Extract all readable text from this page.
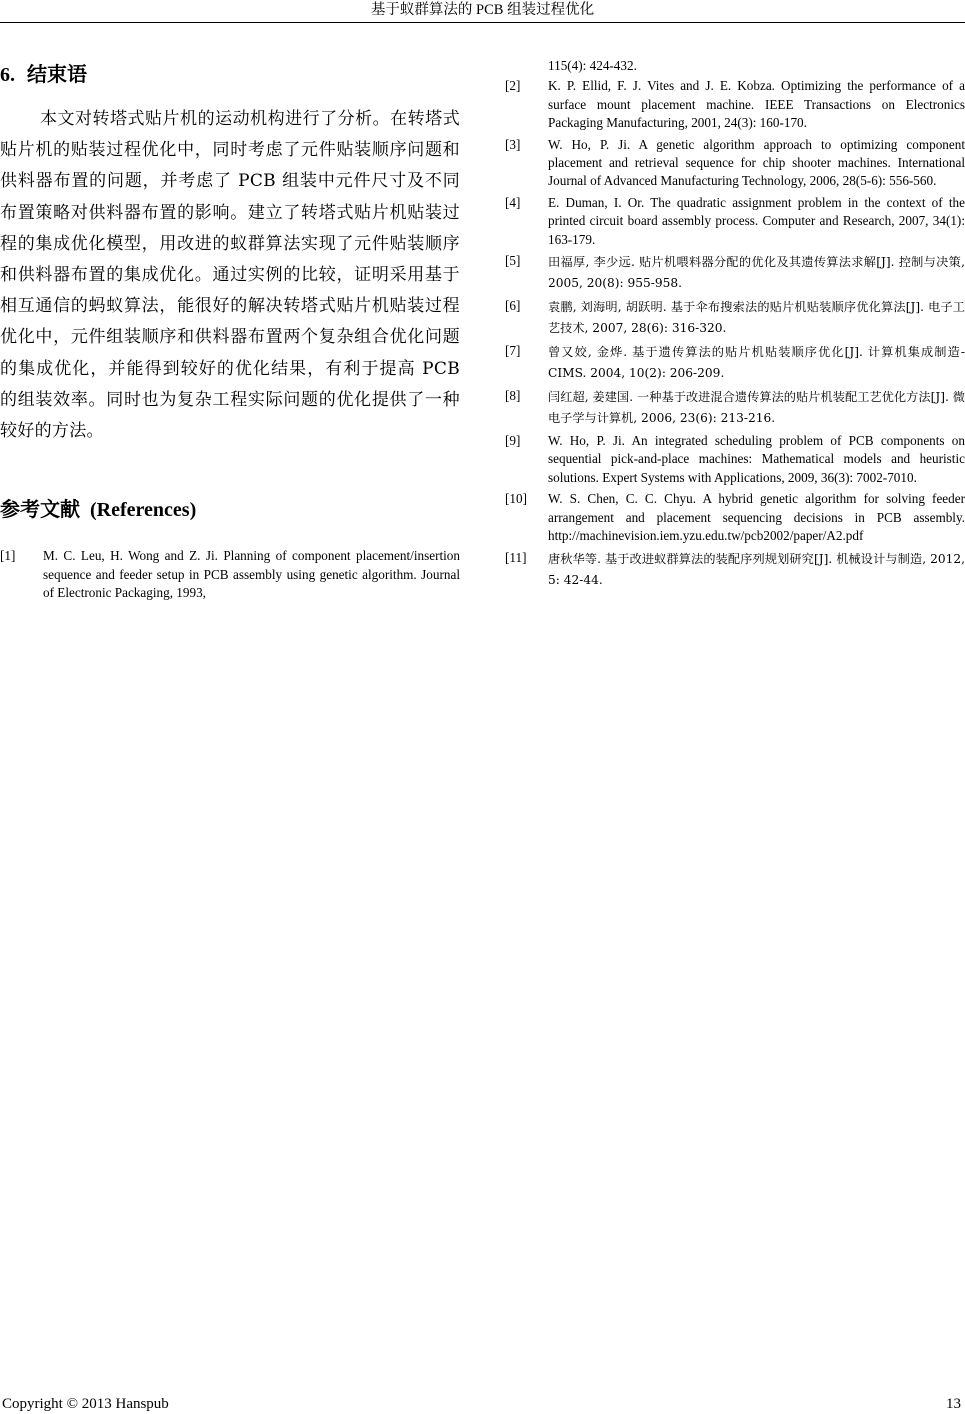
基于蚁群算法的 PCB 组装过程优化
6. 结束语

本文对转塔式贴片机的运动机构进行了分析。在转塔式贴片机的贴装过程优化中，同时考虑了元件贴装顺序问题和供料器布置的问题，并考虑了 PCB 组装中元件尺寸及不同布置策略对供料器布置的影响。建立了转塔式贴片机贴装过程的集成优化模型，用改进的蚁群算法实现了元件贴装顺序和供料器布置的集成优化。通过实例的比较，证明采用基于相互通信的蚂蚁算法，能很好的解决转塔式贴片机贴装过程优化中，元件组装顺序和供料器布置两个复杂组合优化问题的集成优化，并能得到较好的优化结果，有利于提高 PCB 的组装效率。同时也为复杂工程实际问题的优化提供了一种较好的方法。

参考文献 (References)
[1]	M. C. Leu, H. Wong and Z. Ji. Planning of component placement/insertion sequence and feeder setup in PCB assembly using genetic algorithm. Journal of Electronic Packaging, 1993,
115(4): 424-432.
[2]	K. P. Ellid, F. J. Vites and J. E. Kobza. Optimizing the performance of a surface mount placement machine. IEEE Transactions on Electronics Packaging Manufacturing, 2001, 24(3): 160-170.
[3]	W. Ho, P. Ji. A genetic algorithm approach to optimizing component placement and retrieval sequence for chip shooter machines. International Journal of Advanced Manufacturing Technology, 2006, 28(5-6): 556-560.
[4]	E. Duman, I. Or. The quadratic assignment problem in the context of the printed circuit board assembly process. Computer and Research, 2007, 34(1): 163-179.
[5]	田福厚, 李少远. 贴片机喂料器分配的优化及其遗传算法求解[J]. 控制与决策, 2005, 20(8): 955-958.
[6]	袁鹏, 刘海明, 胡跃明. 基于伞布搜索法的贴片机贴装顺序优化算法[J]. 电子工艺技术, 2007, 28(6): 316-320.
[7]	曾又姣, 金烨. 基于遗传算法的贴片机贴装顺序优化[J]. 计算机集成制造-CIMS. 2004, 10(2): 206-209.
[8]	闫红超, 姜建国. 一种基于改进混合遗传算法的贴片机装配工艺优化方法[J]. 微电子学与计算机, 2006, 23(6): 213-216.
[9]	W. Ho, P. Ji. An integrated scheduling problem of PCB components on sequential pick-and-place machines: Mathematical models and heuristic solutions. Expert Systems with Applications, 2009, 36(3): 7002-7010.
[10]	W. S. Chen, C. C. Chyu. A hybrid genetic algorithm for solving feeder arrangement and placement sequencing decisions in PCB assembly. http://machinevision.iem.yzu.edu.tw/pcb2002/paper/A2.pdf
[11]	唐秋华等. 基于改进蚁群算法的装配序列规划研究[J]. 机械设计与制造, 2012, 5: 42-44.
Copyright © 2013 Hanspub	13
